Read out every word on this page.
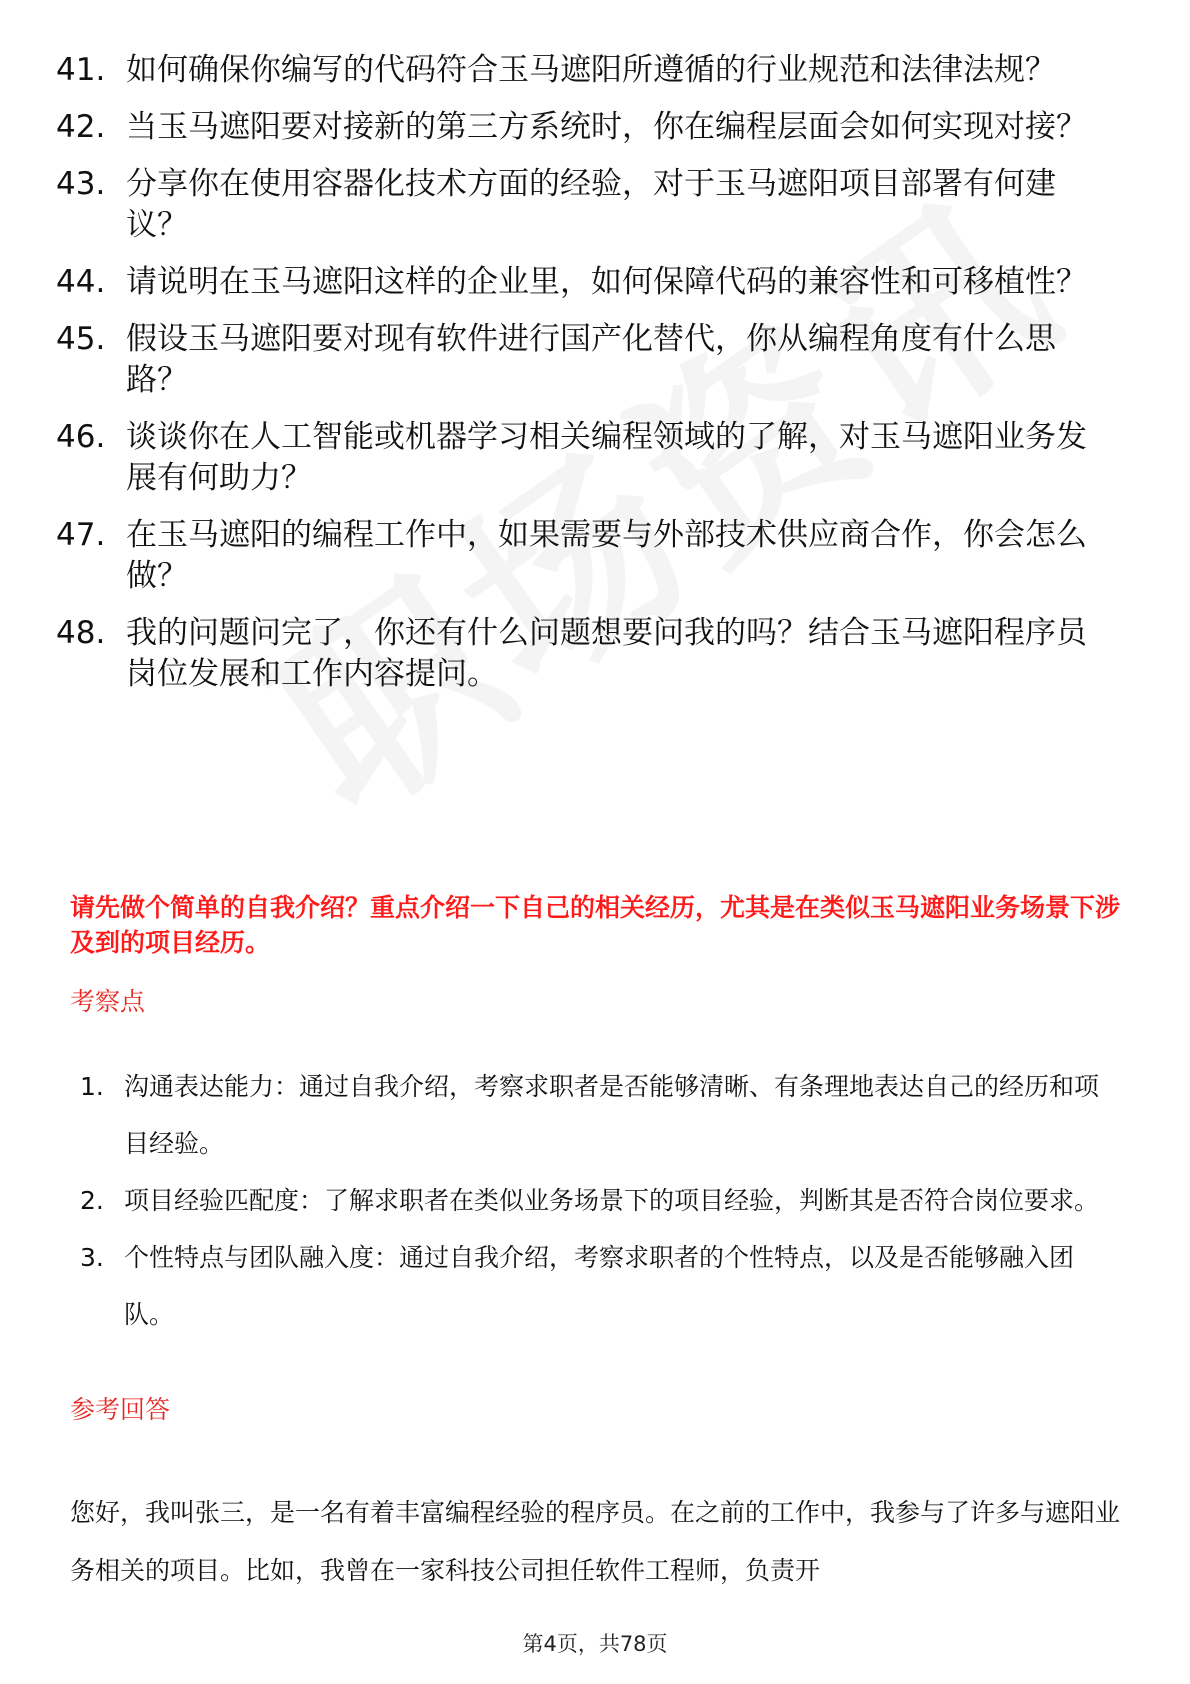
41. 如何确保你编写的代码符合玉马遮阳所遵循的行业规范和法律法规？
42. 当玉马遮阳要对接新的第三方系统时，你在编程层面会如何实现对接？
43. 分享你在使用容器化技术方面的经验，对于玉马遮阳项目部署有何建议？
44. 请说明在玉马遮阳这样的企业里，如何保障代码的兼容性和可移植性？
45. 假设玉马遮阳要对现有软件进行国产化替代，你从编程角度有什么思路？
46. 谈谈你在人工智能或机器学习相关编程领域的了解，对玉马遮阳业务发展有何助力？
47. 在玉马遮阳的编程工作中，如果需要与外部技术供应商合作，你会怎么做？
48. 我的问题问完了，你还有什么问题想要问我的吗？结合玉马遮阳程序员岗位发展和工作内容提问。
请先做个简单的自我介绍？重点介绍一下自己的相关经历，尤其是在类似玉马遮阳业务场景下涉及到的项目经历。
考察点
1. 沟通表达能力：通过自我介绍，考察求职者是否能够清晰、有条理地表达自己的经历和项目经验。
2. 项目经验匹配度：了解求职者在类似业务场景下的项目经验，判断其是否符合岗位要求。
3. 个性特点与团队融入度：通过自我介绍，考察求职者的个性特点，以及是否能够融入团队。
参考回答
您好，我叫张三，是一名有着丰富编程经验的程序员。在之前的工作中，我参与了许多与遮阳业务相关的项目。比如，我曾在一家科技公司担任软件工程师，负责开
第4页，共78页
